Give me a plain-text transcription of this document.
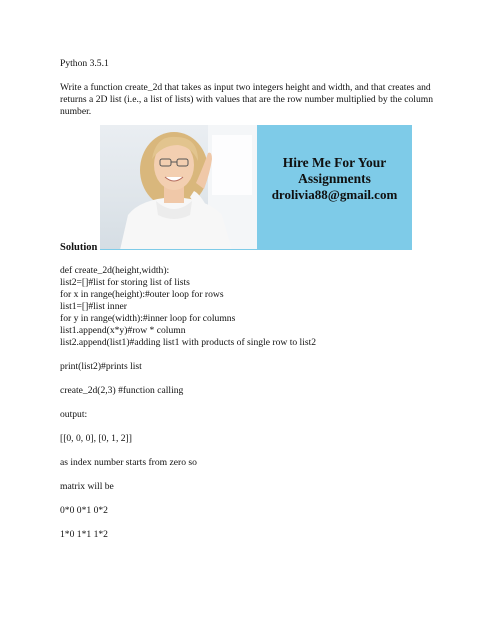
Python 3.5.1
Write a function create_2d that takes as input two integers height and width, and that creates and returns a 2D list (i.e., a list of lists) with values that are the row number multiplied by the column number.
Hire Me For Your
Assignments
drolivia88@gmail.com
Solution
def create_2d(height,width):
list2=[]#list for storing list of lists
for x in range(height):#outer loop for rows
list1=[]#list inner
for y in range(width):#inner loop for columns
list1.append(x*y)#row * column
list2.append(list1)#adding list1 with products of single row to list2
print(list2)#prints list
create_2d(2,3) #function calling
output:
[[0, 0, 0], [0, 1, 2]]
as index number starts from zero so
matrix will be
0*0 0*1 0*2
1*0 1*1 1*2
